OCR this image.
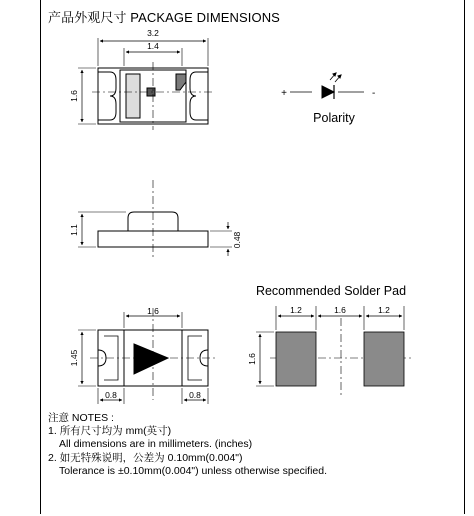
产品外观尺寸 PACKAGE DIMENSIONS
3.2
1.4
1.6	+	-
Polarity
1.1
0.48
1.6
1.45
0.8	0.8
Recommended Solder Pad
1.2	1.6	1.2
1.6
注意 NOTES :
1. 所有尺寸均为 mm(英寸)
All dimensions are in millimeters. (inches)
2. 如无特殊说明，公差为 0.10mm(0.004")
Tolerance is ±0.10mm(0.004") unless otherwise specified.
